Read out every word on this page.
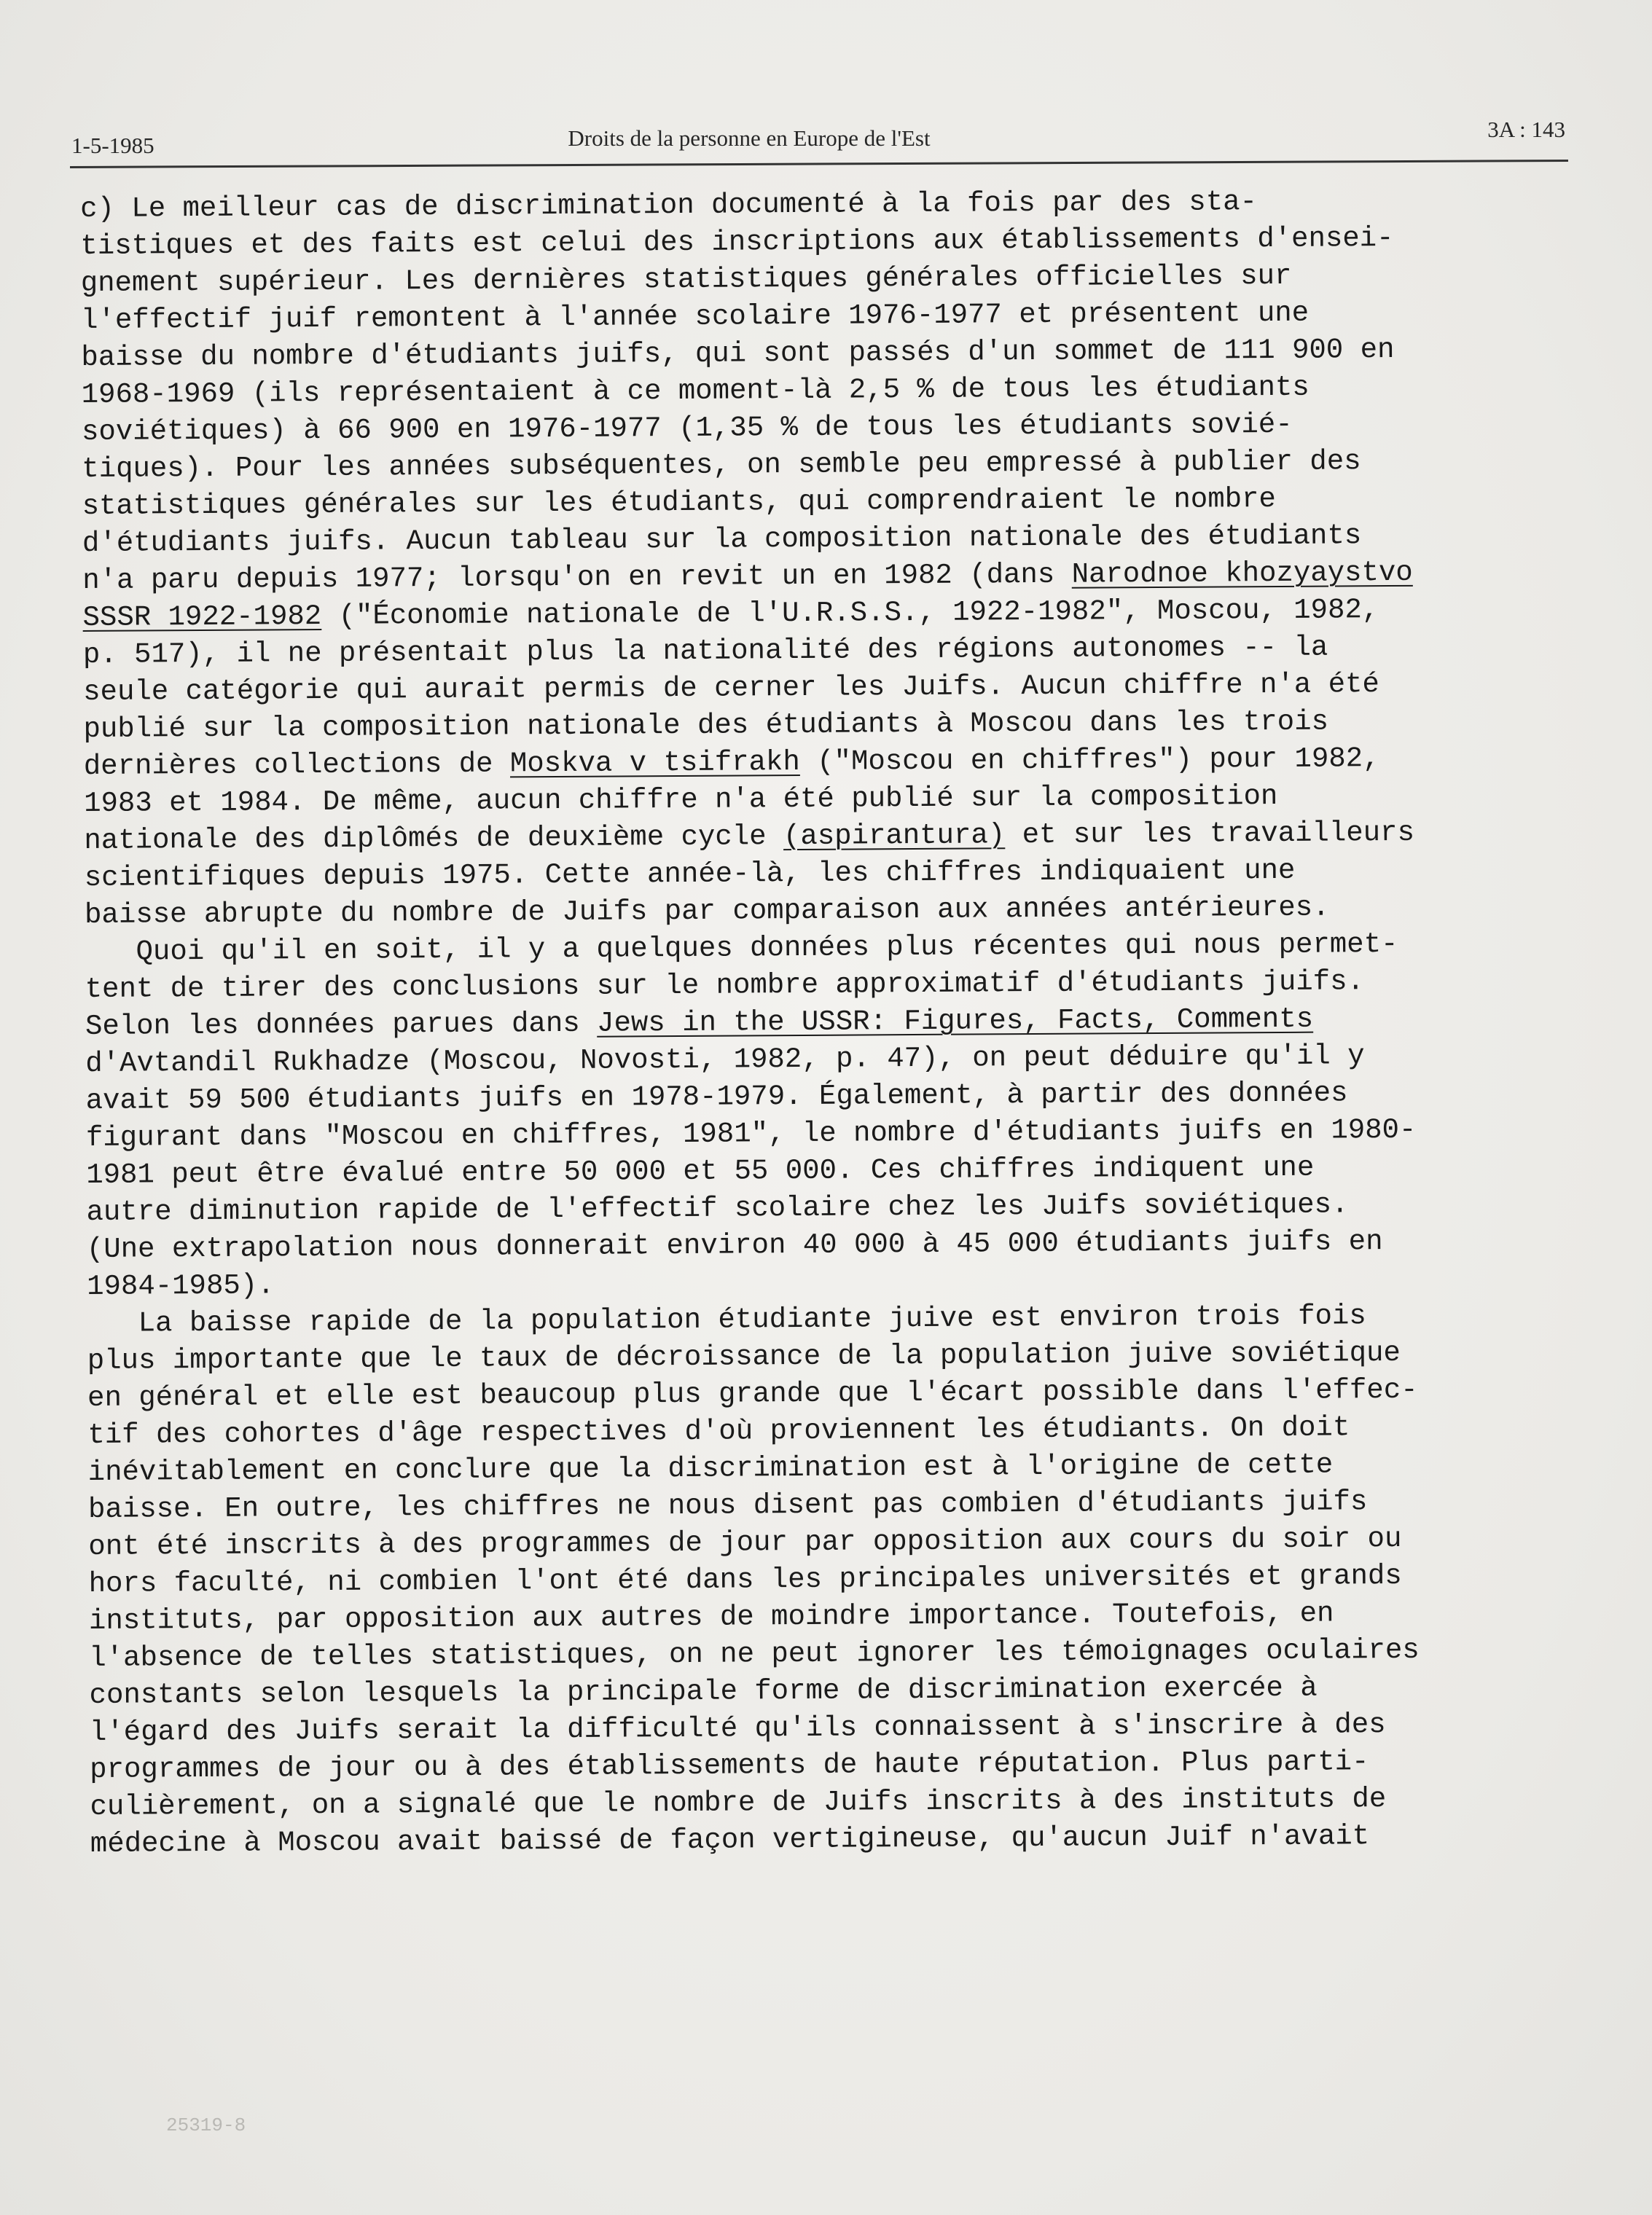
1-5-1985	Droits de la personne en Europe de l'Est	3A : 143

c) Le meilleur cas de discrimination documenté à la fois par des sta-
tistiques et des faits est celui des inscriptions aux établissements d'ensei-
gnement supérieur. Les dernières statistiques générales officielles sur
l'effectif juif remontent à l'année scolaire 1976-1977 et présentent une
baisse du nombre d'étudiants juifs, qui sont passés d'un sommet de 111 900 en
1968-1969 (ils représentaient à ce moment-là 2,5 % de tous les étudiants
soviétiques) à 66 900 en 1976-1977 (1,35 % de tous les étudiants sovié-
tiques). Pour les années subséquentes, on semble peu empressé à publier des
statistiques générales sur les étudiants, qui comprendraient le nombre
d'étudiants juifs. Aucun tableau sur la composition nationale des étudiants
n'a paru depuis 1977; lorsqu'on en revit un en 1982 (dans Narodnoe khozyaystvo
SSSR 1922-1982 ("Économie nationale de l'U.R.S.S., 1922-1982", Moscou, 1982,
p. 517), il ne présentait plus la nationalité des régions autonomes -- la
seule catégorie qui aurait permis de cerner les Juifs. Aucun chiffre n'a été
publié sur la composition nationale des étudiants à Moscou dans les trois
dernières collections de Moskva v tsifrakh ("Moscou en chiffres") pour 1982,
1983 et 1984. De même, aucun chiffre n'a été publié sur la composition
nationale des diplômés de deuxième cycle (aspirantura) et sur les travailleurs
scientifiques depuis 1975. Cette année-là, les chiffres indiquaient une
baisse abrupte du nombre de Juifs par comparaison aux années antérieures.

Quoi qu'il en soit, il y a quelques données plus récentes qui nous permet-
tent de tirer des conclusions sur le nombre approximatif d'étudiants juifs.
Selon les données parues dans Jews in the USSR: Figures, Facts, Comments
d'Avtandil Rukhadze (Moscou, Novosti, 1982, p. 47), on peut déduire qu'il y
avait 59 500 étudiants juifs en 1978-1979. Également, à partir des données
figurant dans "Moscou en chiffres, 1981", le nombre d'étudiants juifs en 1980-
1981 peut être évalué entre 50 000 et 55 000. Ces chiffres indiquent une
autre diminution rapide de l'effectif scolaire chez les Juifs soviétiques.
(Une extrapolation nous donnerait environ 40 000 à 45 000 étudiants juifs en
1984-1985).

La baisse rapide de la population étudiante juive est environ trois fois
plus importante que le taux de décroissance de la population juive soviétique
en général et elle est beaucoup plus grande que l'écart possible dans l'effec-
tif des cohortes d'âge respectives d'où proviennent les étudiants. On doit
inévitablement en conclure que la discrimination est à l'origine de cette
baisse. En outre, les chiffres ne nous disent pas combien d'étudiants juifs
ont été inscrits à des programmes de jour par opposition aux cours du soir ou
hors faculté, ni combien l'ont été dans les principales universités et grands
instituts, par opposition aux autres de moindre importance. Toutefois, en
l'absence de telles statistiques, on ne peut ignorer les témoignages oculaires
constants selon lesquels la principale forme de discrimination exercée à
l'égard des Juifs serait la difficulté qu'ils connaissent à s'inscrire à des
programmes de jour ou à des établissements de haute réputation. Plus parti-
culièrement, on a signalé que le nombre de Juifs inscrits à des instituts de
médecine à Moscou avait baissé de façon vertigineuse, qu'aucun Juif n'avait

25319-8
